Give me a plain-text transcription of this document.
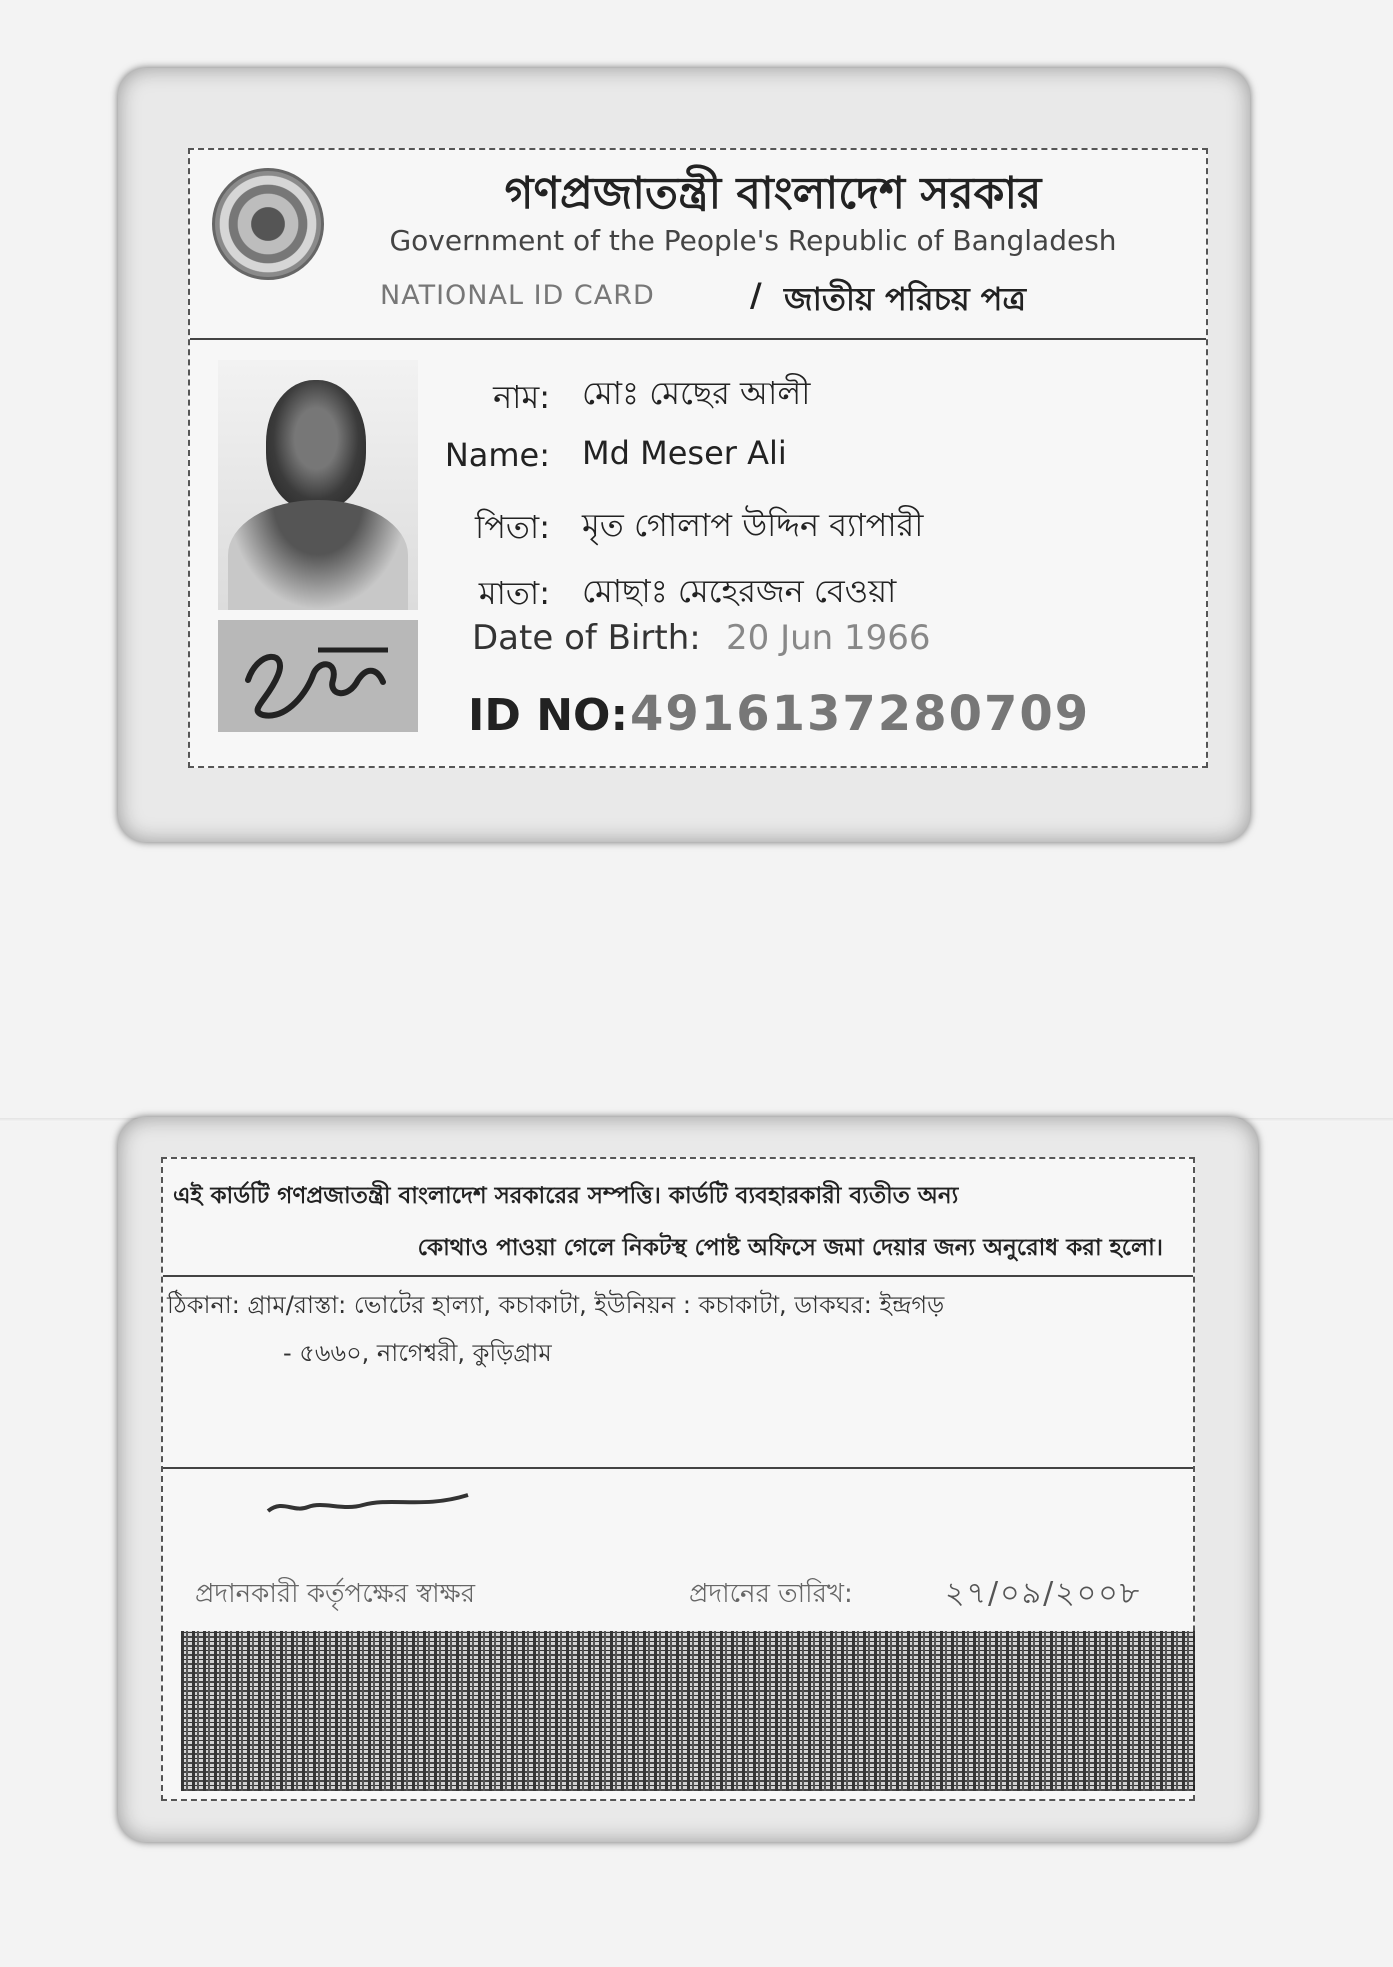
গণপ্রজাতন্ত্রী বাংলাদেশ সরকার
Government of the People's Republic of Bangladesh
NATIONAL ID CARD	/ জাতীয় পরিচয় পত্র
নাম: মোঃ মেছের আলী
Name: Md Meser Ali
পিতা: মৃত গোলাপ উদ্দিন ব্যাপারী
মাতা: মোছাঃ মেহেরজন বেওয়া
Date of Birth: 20 Jun 1966
ID NO: 4916137280709
এই কার্ডটি গণপ্রজাতন্ত্রী বাংলাদেশ সরকারের সম্পত্তি। কার্ডটি ব্যবহারকারী ব্যতীত অন্য
কোথাও পাওয়া গেলে নিকটস্থ পোষ্ট অফিসে জমা দেয়ার জন্য অনুরোধ করা হলো।
ঠিকানা: গ্রাম/রাস্তা: ভোটের হাল্যা, কচাকাটা, ইউনিয়ন : কচাকাটা, ডাকঘর: ইন্দ্রগড়
- ৫৬৬০, নাগেশ্বরী, কুড়িগ্রাম
প্রদানকারী কর্তৃপক্ষের স্বাক্ষর	প্রদানের তারিখ:	২৭/০৯/২০০৮
